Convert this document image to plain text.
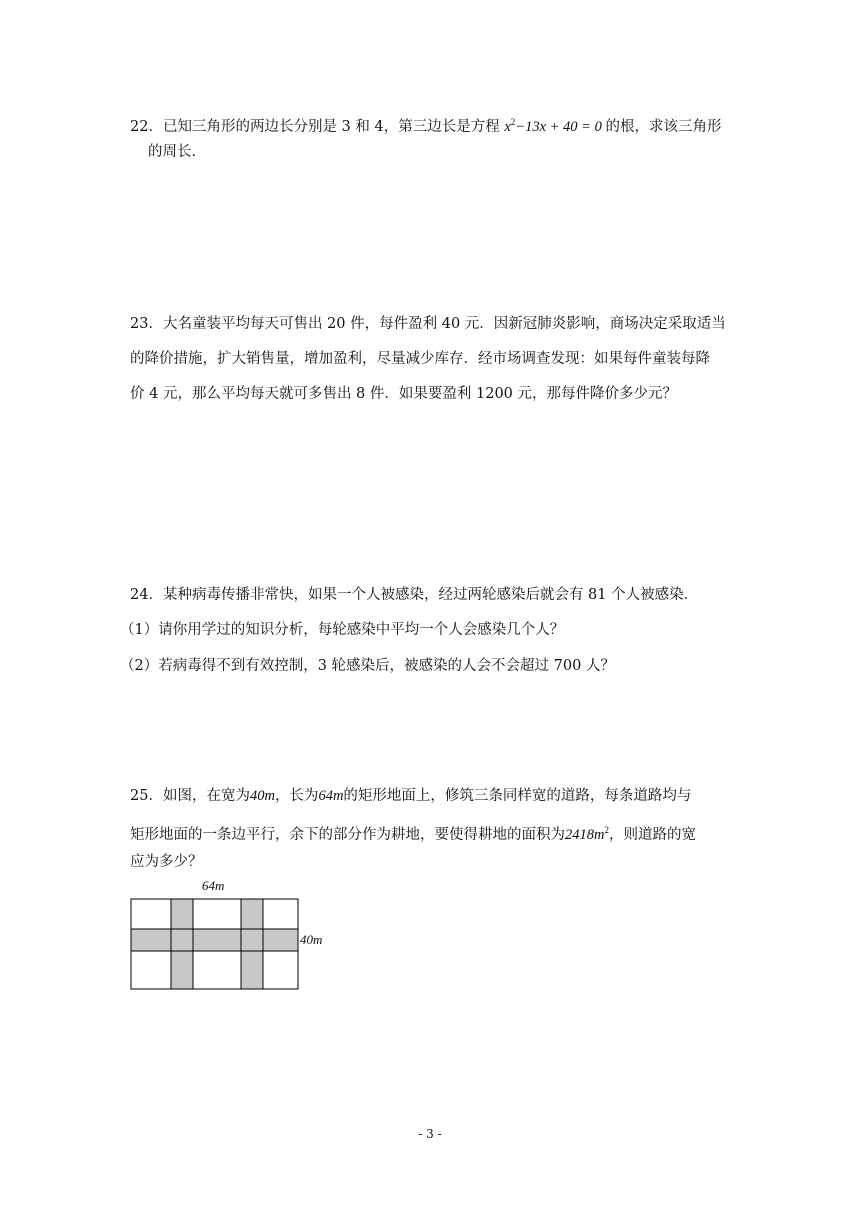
22．已知三角形的两边长分别是 3 和 4，第三边长是方程 $x^2-13x + 40 = 0$ 的根，求该三角形
的周长．
23．大名童装平均每天可售出 20 件，每件盈利 40 元．因新冠肺炎影响，商场决定采取适当
的降价措施，扩大销售量，增加盈利，尽量减少库存．经市场调查发现：如果每件童装每降
价 4 元，那么平均每天就可多售出 8 件．如果要盈利 1200 元，那每件降价多少元？
24．某种病毒传播非常快，如果一个人被感染，经过两轮感染后就会有 81 个人被感染．
（1）请你用学过的知识分析，每轮感染中平均一个人会感染几个人？
（2）若病毒得不到有效控制，3 轮感染后，被感染的人会不会超过 700 人？
25．如图，在宽为40m，长为64m的矩形地面上，修筑三条同样宽的道路，每条道路均与
矩形地面的一条边平行，余下的部分作为耕地，要使得耕地的面积为$2418m^2$，则道路的宽
应为多少？
64m
40m
- 3 -
